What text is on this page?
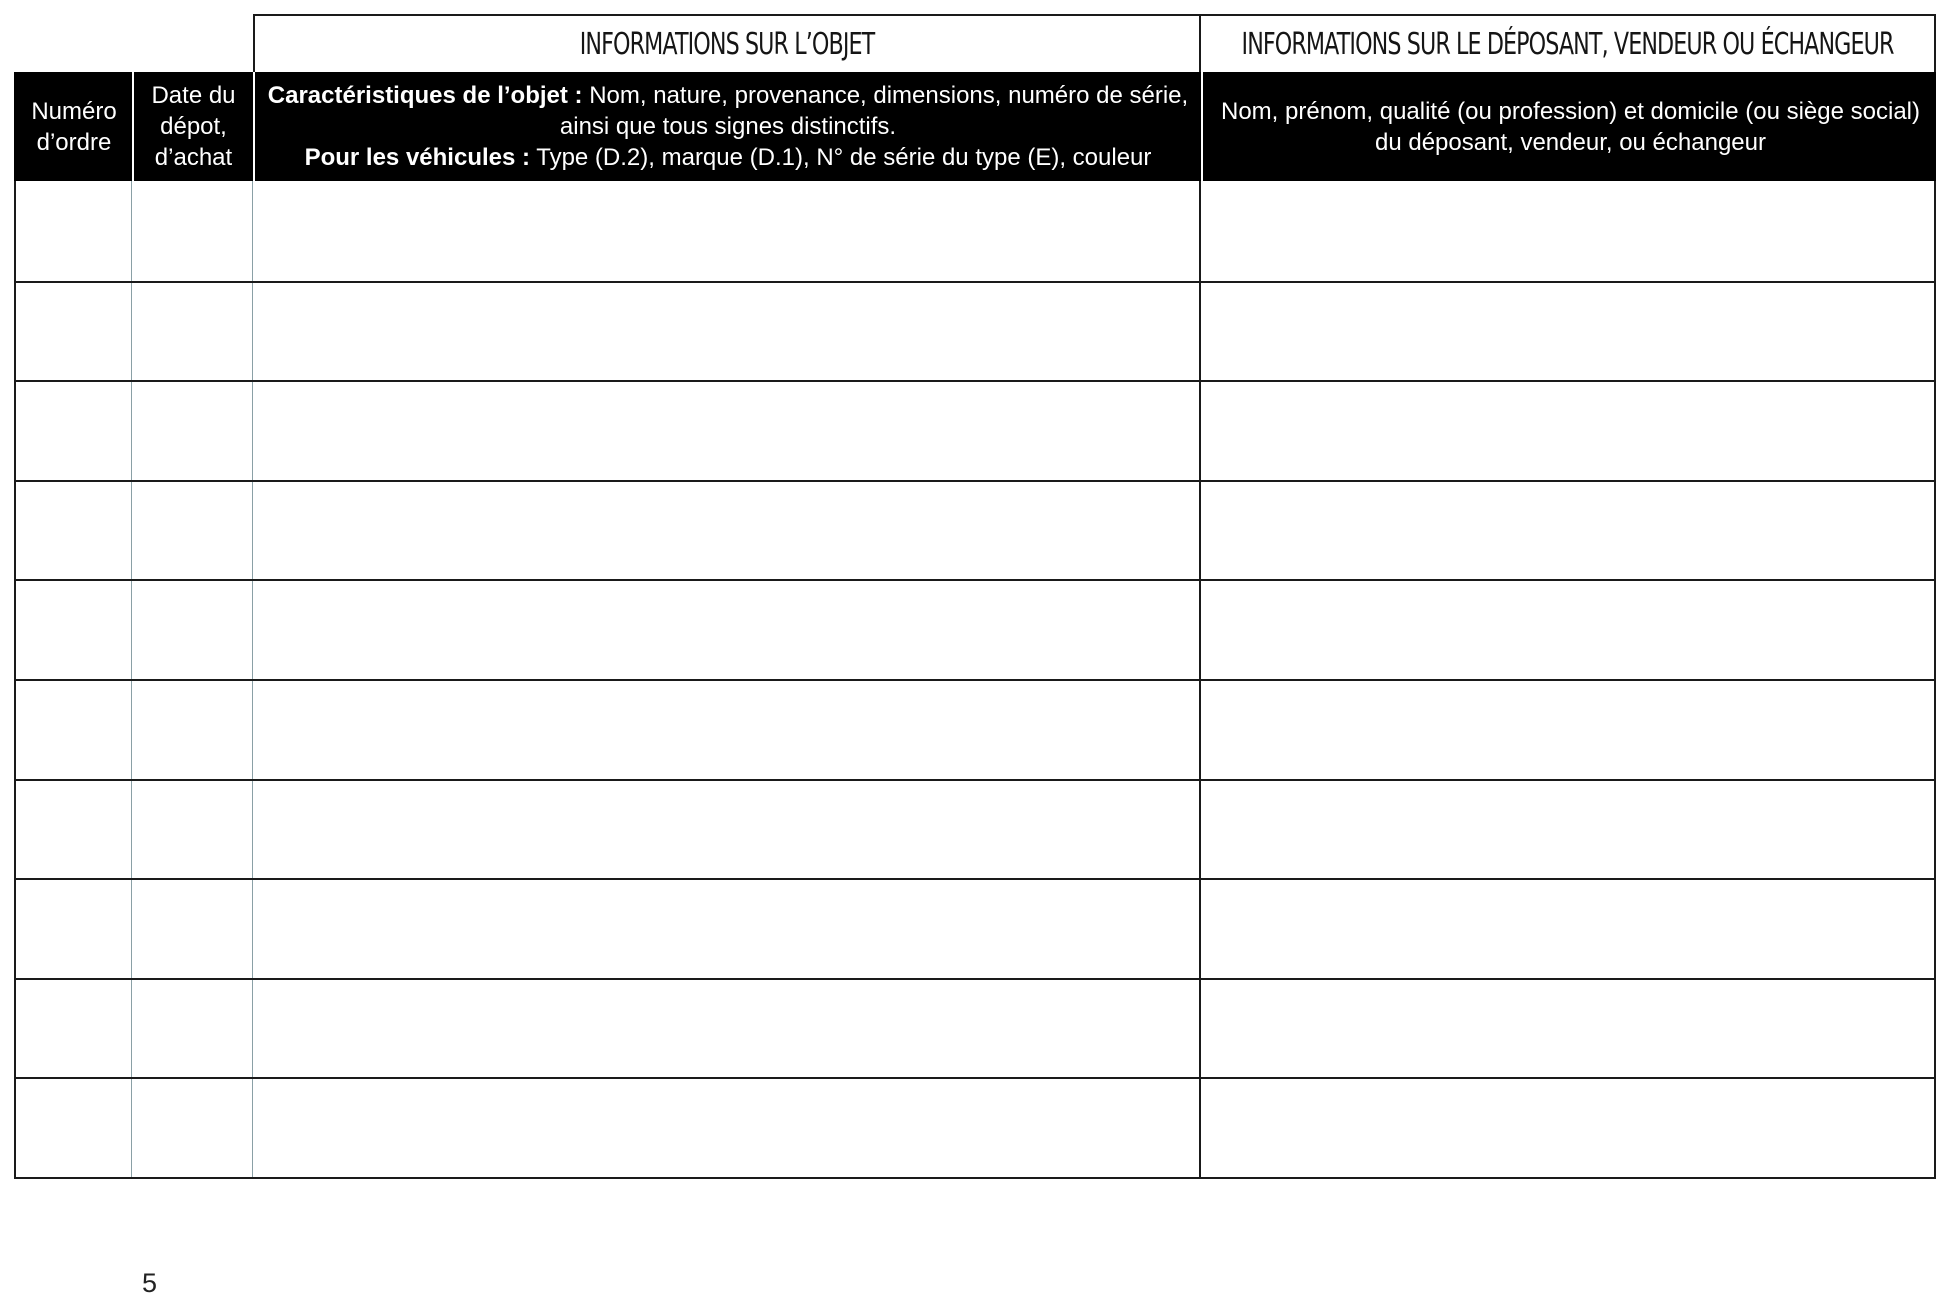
INFORMATIONS SUR L’OBJET	INFORMATIONS SUR LE DÉPOSANT, VENDEUR OU ÉCHANGEUR
Numéro
d’ordre
Date du
dépot,
d’achat
Caractéristiques de l’objet : Nom, nature, provenance, dimensions, numéro de série, ainsi que tous signes distinctifs.
Pour les véhicules : Type (D.2), marque (D.1), N° de série du type (E), couleur
Nom, prénom, qualité (ou profession) et domicile (ou siège social) du déposant, vendeur, ou échangeur
5
